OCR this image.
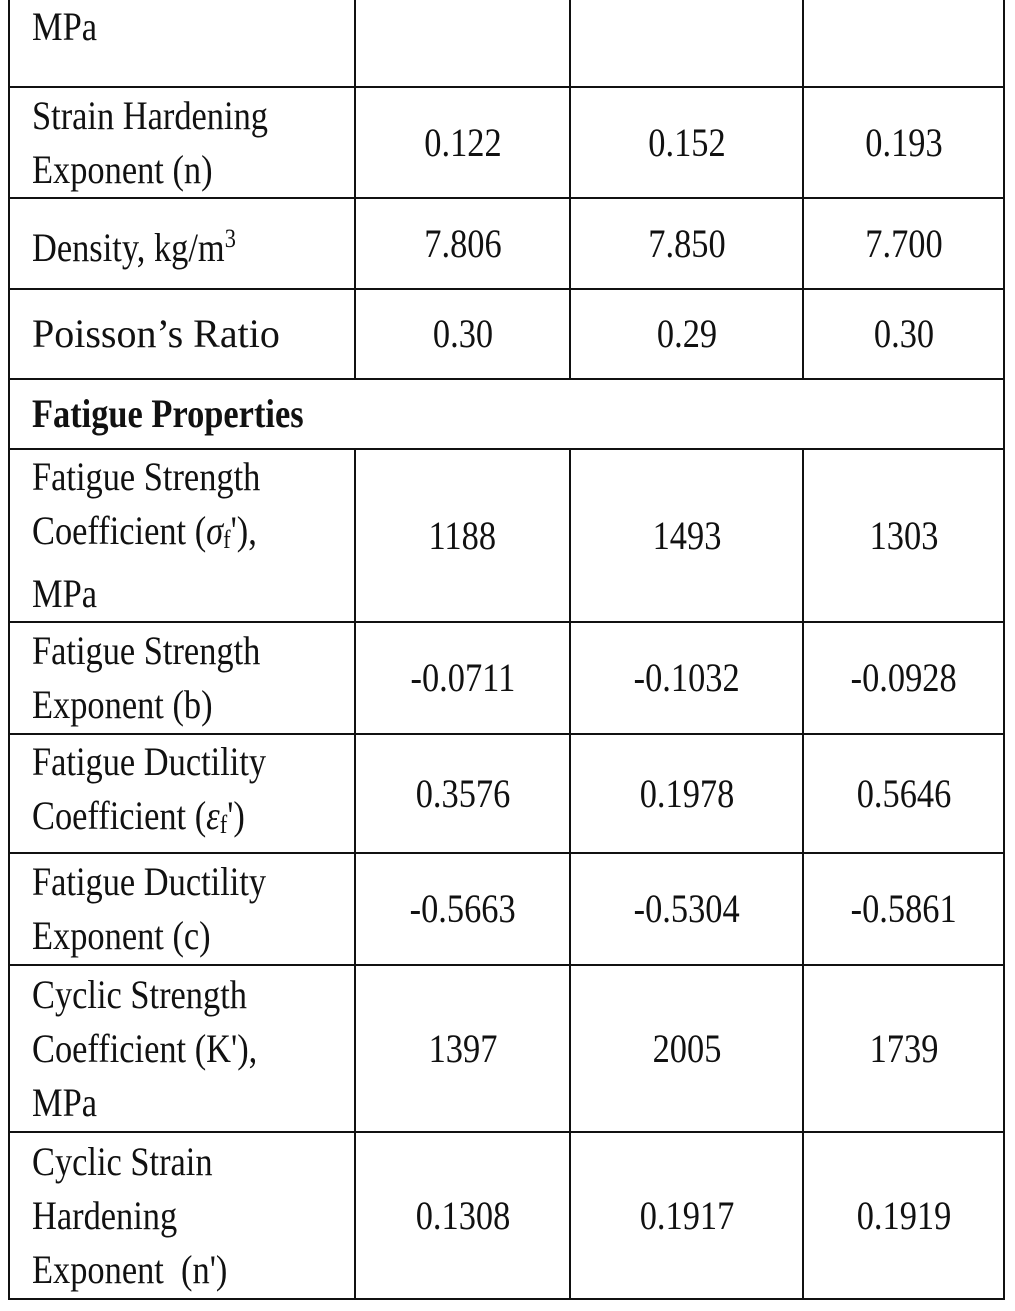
MPa			

Strain Hardening
Exponent (n)	0.122	0.152	0.193

Density, $kg/m^3$	7.806	7.850	7.700

Poisson’s Ratio	0.30	0.29	0.30
Fatigue Properties			

Fatigue Strength
Coefficient (σf'),
MPa	1188	1493	1303

Fatigue Strength
Exponent (b)	-0.0711	-0.1032	-0.0928

Fatigue Ductility
Coefficient (εf')	0.3576	0.1978	0.5646

Fatigue Ductility
Exponent (c)	-0.5663	-0.5304	-0.5861

Cyclic Strength
Coefficient (K'),
MPa	1397	2005	1739

Cyclic Strain
Hardening
Exponent  (n')	0.1308	0.1917	0.1919
